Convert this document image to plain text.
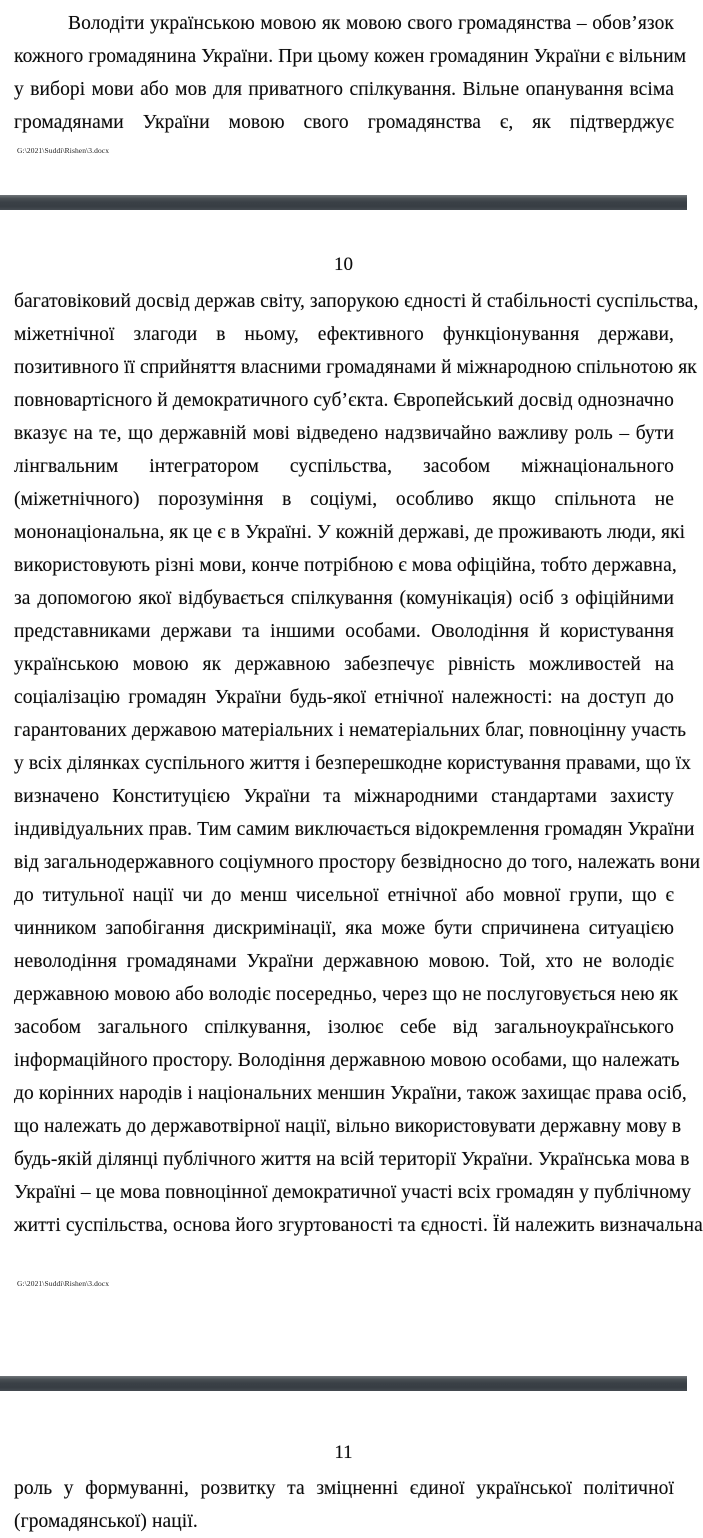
Володіти українською мовою як мовою свого громадянства – обов’язок
кожного громадянина України. При цьому кожен громадянин України є вільним
у виборі мови або мов для приватного спілкування. Вільне опанування всіма
громадянами України мовою свого громадянства є, як підтверджує
G:\2021\Suddi\Rishen\3.docx
10
багатовіковий досвід держав світу, запорукою єдності й стабільності суспільства,
міжетнічної злагоди в ньому, ефективного функціонування держави,
позитивного її сприйняття власними громадянами й міжнародною спільнотою як
повновартісного й демократичного суб’єкта. Європейський досвід однозначно
вказує на те, що державній мові відведено надзвичайно важливу роль – бути
лінгвальним інтегратором суспільства, засобом міжнаціонального
(міжетнічного) порозуміння в соціумі, особливо якщо спільнота не
мононаціональна, як це є в Україні. У кожній державі, де проживають люди, які
використовують різні мови, конче потрібною є мова офіційна, тобто державна,
за допомогою якої відбувається спілкування (комунікація) осіб з офіційними
представниками держави та іншими особами. Оволодіння й користування
українською мовою як державною забезпечує рівність можливостей на
соціалізацію громадян України будь-якої етнічної належності: на доступ до
гарантованих державою матеріальних і нематеріальних благ, повноцінну участь
у всіх ділянках суспільного життя і безперешкодне користування правами, що їх
визначено Конституцією України та міжнародними стандартами захисту
індивідуальних прав. Тим самим виключається відокремлення громадян України
від загальнодержавного соціумного простору безвідносно до того, належать вони
до титульної нації чи до менш чисельної етнічної або мовної групи, що є
чинником запобігання дискримінації, яка може бути спричинена ситуацією
неволодіння громадянами України державною мовою. Той, хто не володіє
державною мовою або володіє посередньо, через що не послуговується нею як
засобом загального спілкування, ізолює себе від загальноукраїнського
інформаційного простору. Володіння державною мовою особами, що належать
до корінних народів і національних меншин України, також захищає права осіб,
що належать до державотвірної нації, вільно використовувати державну мову в
будь-якій ділянці публічного життя на всій території України. Українська мова в
Україні – це мова повноцінної демократичної участі всіх громадян у публічному
житті суспільства, основа його згуртованості та єдності. Їй належить визначальна
G:\2021\Suddi\Rishen\3.docx
11
роль у формуванні, розвитку та зміцненні єдиної української політичної
(громадянської) нації.
